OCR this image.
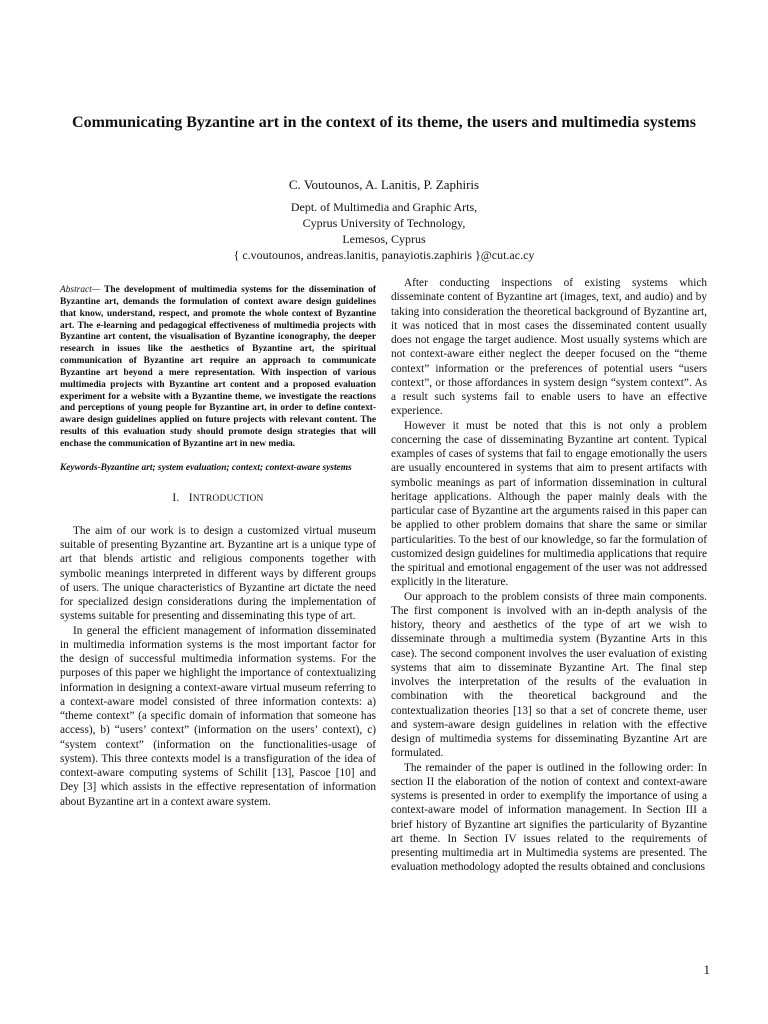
Communicating Byzantine art in the context of its theme, the users and multimedia systems
C. Voutounos, A. Lanitis, P. Zaphiris
Dept. of Multimedia and Graphic Arts,
Cyprus University of Technology,
Lemesos, Cyprus
{ c.voutounos, andreas.lanitis, panayiotis.zaphiris }@cut.ac.cy

Abstract— The development of multimedia systems for the dissemination of Byzantine art, demands the formulation of context aware design guidelines that know, understand, respect, and promote the whole context of Byzantine art. The e-learning and pedagogical effectiveness of multimedia projects with Byzantine art content, the visualisation of Byzantine iconography, the deeper research in issues like the aesthetics of Byzantine art, the spiritual communication of Byzantine art require an approach to communicate Byzantine art beyond a mere representation. With inspection of various multimedia projects with Byzantine art content and a proposed evaluation experiment for a website with a Byzantine theme, we investigate the reactions and perceptions of young people for Byzantine art, in order to define context-aware design guidelines applied on future projects with relevant content. The results of this evaluation study should promote design strategies that will enchase the communication of Byzantine art in new media.

Keywords-Byzantine art; system evaluation; context; context-aware systems

I. INTRODUCTION

The aim of our work is to design a customized virtual museum suitable of presenting Byzantine art. Byzantine art is a unique type of art that blends artistic and religious components together with symbolic meanings interpreted in different ways by different groups of users. The unique characteristics of Byzantine art dictate the need for specialized design considerations during the implementation of systems suitable for presenting and disseminating this type of art.

In general the efficient management of information disseminated in multimedia information systems is the most important factor for the design of successful multimedia information systems. For the purposes of this paper we highlight the importance of contextualizing information in designing a context-aware virtual museum referring to a context-aware model consisted of three information contexts: a) “theme context” (a specific domain of information that someone has access), b) “users’ context” (information on the users’ context), c) “system context” (information on the functionalities-usage of system). This three contexts model is a transfiguration of the idea of context-aware computing systems of Schilit [13], Pascoe [10] and Dey [3] which assists in the effective representation of information about Byzantine art in a context aware system.

After conducting inspections of existing systems which disseminate content of Byzantine art (images, text, and audio) and by taking into consideration the theoretical background of Byzantine art, it was noticed that in most cases the disseminated content usually does not engage the target audience. Most usually systems which are not context-aware either neglect the deeper focused on the “theme context” information or the preferences of potential users “users context”, or those affordances in system design “system context”. As a result such systems fail to enable users to have an effective experience.

However it must be noted that this is not only a problem concerning the case of disseminating Byzantine art content. Typical examples of cases of systems that fail to engage emotionally the users are usually encountered in systems that aim to present artifacts with symbolic meanings as part of information dissemination in cultural heritage applications. Although the paper mainly deals with the particular case of Byzantine art the arguments raised in this paper can be applied to other problem domains that share the same or similar particularities. To the best of our knowledge, so far the formulation of customized design guidelines for multimedia applications that require the spiritual and emotional engagement of the user was not addressed explicitly in the literature.

Our approach to the problem consists of three main components. The first component is involved with an in-depth analysis of the history, theory and aesthetics of the type of art we wish to disseminate through a multimedia system (Byzantine Arts in this case). The second component involves the user evaluation of existing systems that aim to disseminate Byzantine Art. The final step involves the interpretation of the results of the evaluation in combination with the theoretical background and the contextualization theories [13] so that a set of concrete theme, user and system-aware design guidelines in relation with the effective design of multimedia systems for disseminating Byzantine Art are formulated.

The remainder of the paper is outlined in the following order: In section II the elaboration of the notion of context and context-aware systems is presented in order to exemplify the importance of using a context-aware model of information management. In Section III a brief history of Byzantine art signifies the particularity of Byzantine art theme. In Section IV issues related to the requirements of presenting multimedia art in Multimedia systems are presented. The evaluation methodology adopted the results obtained and conclusions

1
